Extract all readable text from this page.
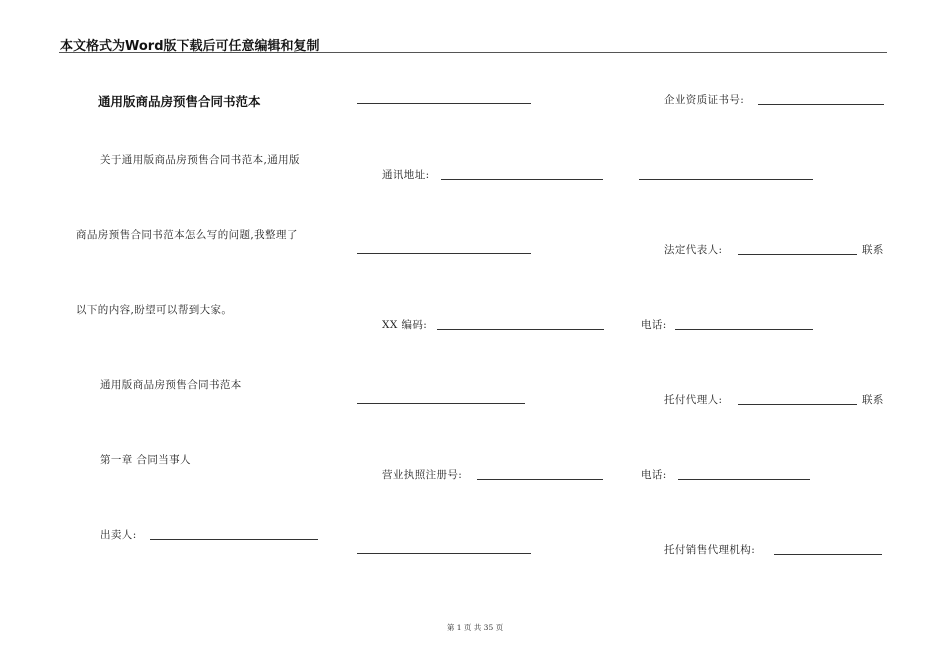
本文格式为Word版下载后可任意编辑和复制
通用版商品房预售合同书范本
关于通用版商品房预售合同书范本,通用版
商品房预售合同书范本怎么写的问题,我整理了
以下的内容,盼望可以帮到大家。
通用版商品房预售合同书范本
第一章 合同当事人
出卖人:
通讯地址:
XX 编码:
营业执照注册号:
企业资质证书号:
法定代表人:	联系
电话:
托付代理人:	联系
电话:
托付销售代理机构:
第 1 页 共 35 页
